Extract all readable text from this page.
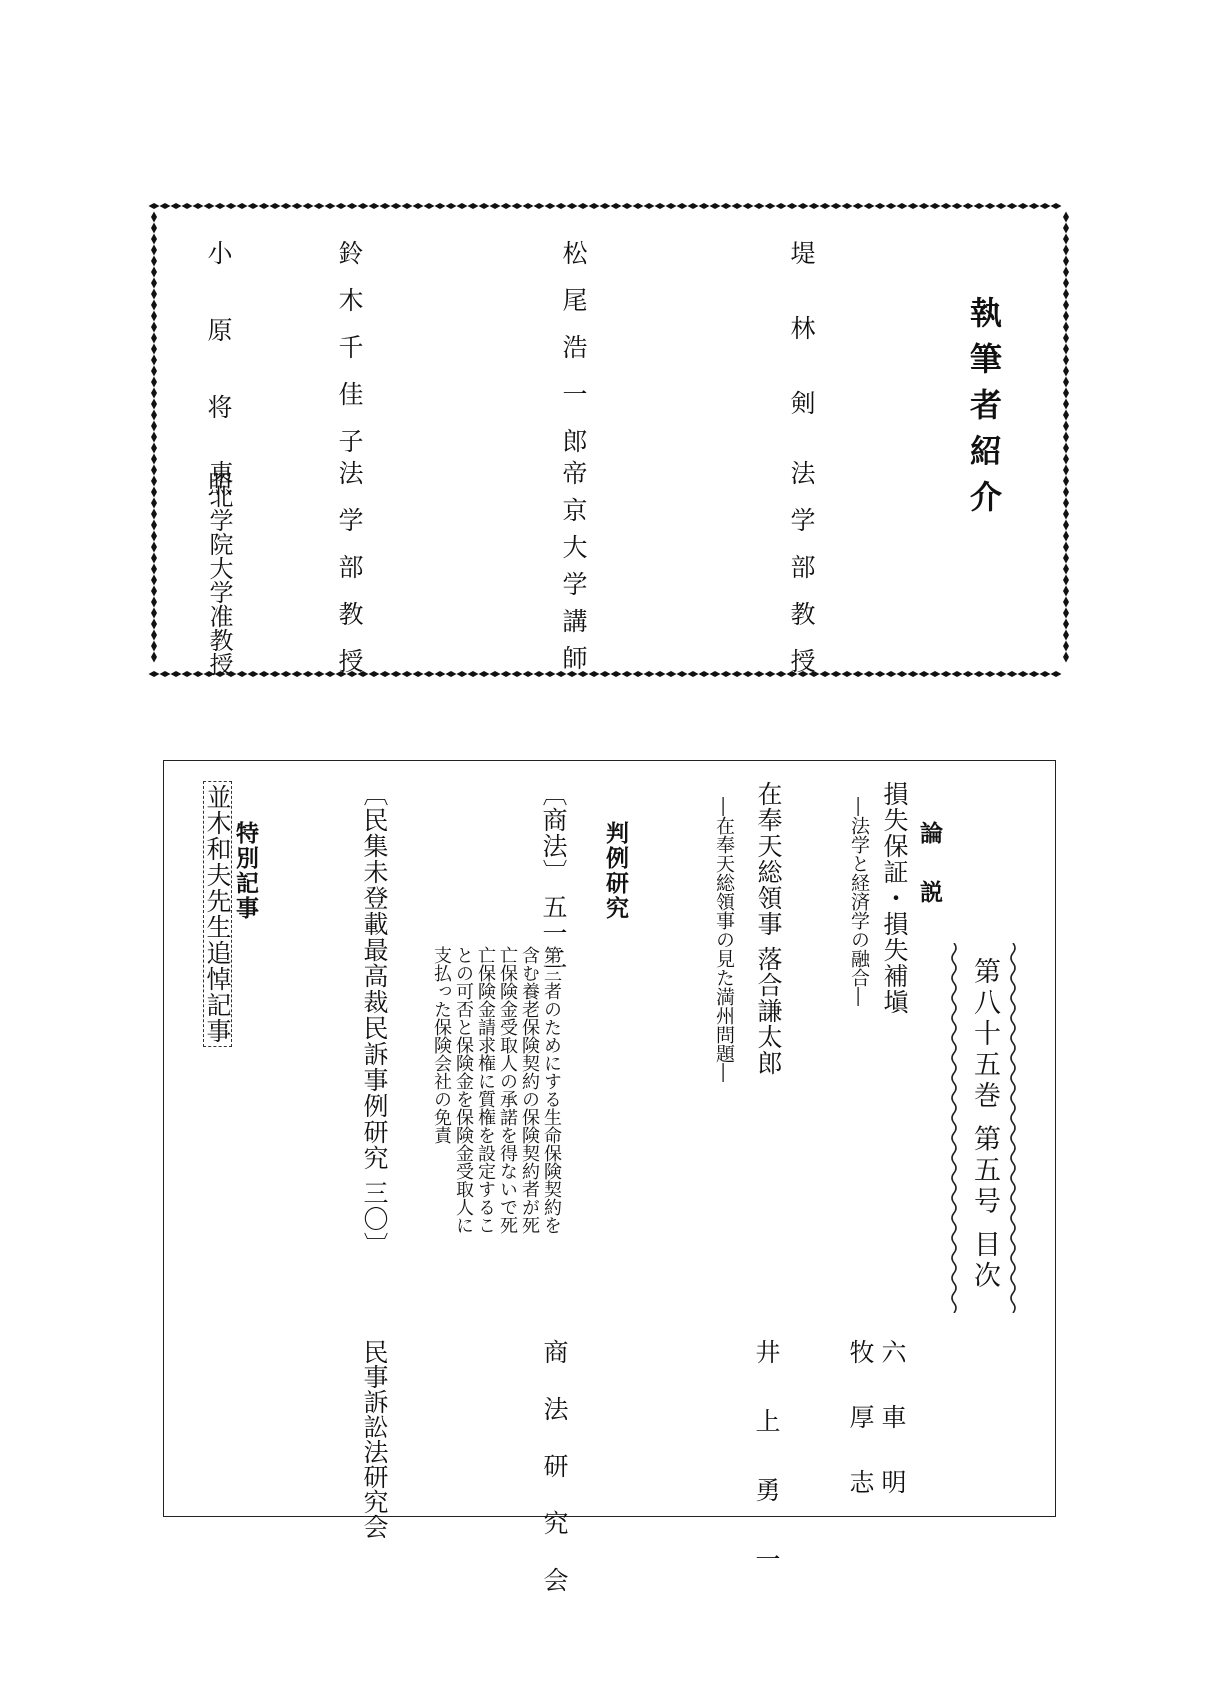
執筆者紹介
堤 林 剣
法学部教授
松尾浩一郎
帝京大学講師
鈴木千佳子
法学部教授
小 原 将 照
東北学院大学准教授
第八十五巻 第五号 目次
論 説
損失保証・損失補塡
―法学と経済学の融合―
六 車 明
牧 厚 志
在奉天総領事 落合謙太郎
―在奉天総領事の見た満州問題―
井 上 勇 一
判例研究
〔商法〕 五一二
第三者のためにする生命保険契約を含む養老保険契約の保険契約者が死亡保険金受取人の承諾を得ないで死亡保険金請求権に質権を設定することの可否と保険金を保険金受取人に支払った保険会社の免責
商 法 研 究 会
〔民集未登載最高裁民訴事例研究 三〇〕
民事訴訟法研究会
特別記事
並木和夫先生追悼記事
